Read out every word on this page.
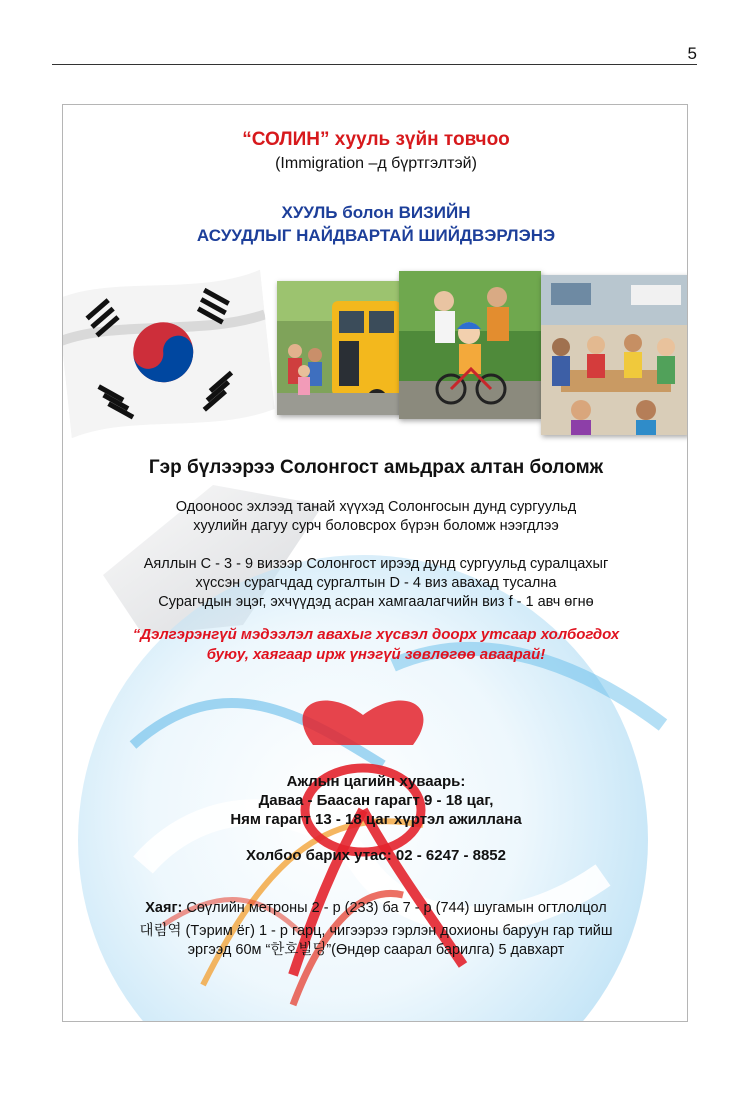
5
“СОЛИН” хууль зүйн товчоо
(Immigration –д бүртгэлтэй)
ХУУЛЬ болон ВИЗИЙН
АСУУДЛЫГ НАЙДВАРТАЙ ШИЙДВЭРЛЭНЭ
Гэр бүлээрээ Солонгост амьдрах алтан боломж
Одооноос эхлээд танай хүүхэд Солонгосын дунд сургуульд
хуулийн дагуу сурч боловсрох бүрэн боломж нээгдлээ
Аяллын C - 3 - 9 визээр Солонгост ирээд дунд сургуульд суралцахыг
хүссэн сурагчдад сургалтын D - 4 виз авахад тусална
Сурагчдын эцэг, эхчүүдэд асран хамгаалагчийн виз f - 1 авч өгнө
“Дэлгэрэнгүй мэдээлэл авахыг хүсвэл доорх утсаар холбогдох
буюу, хаягаар ирж үнэгүй зөвлөгөө аваарай!
Ажлын цагийн хуваарь:
Даваа - Баасан гарагт 9 - 18 цаг,
Ням гарагт 13 - 18 цаг хүртэл ажиллана
Холбоо барих утас: 02 - 6247 - 8852
Хаяг: Сөүлийн метроны 2 - р (233) ба 7 - р (744) шугамын огтлолцол
대림역 (Тэрим ёг) 1 - р гарц, чигээрээ гэрлэн дохионы баруун гар тийш
эргээд 60м “한호빌딩”(Өндөр саарал барилга) 5 давхарт
